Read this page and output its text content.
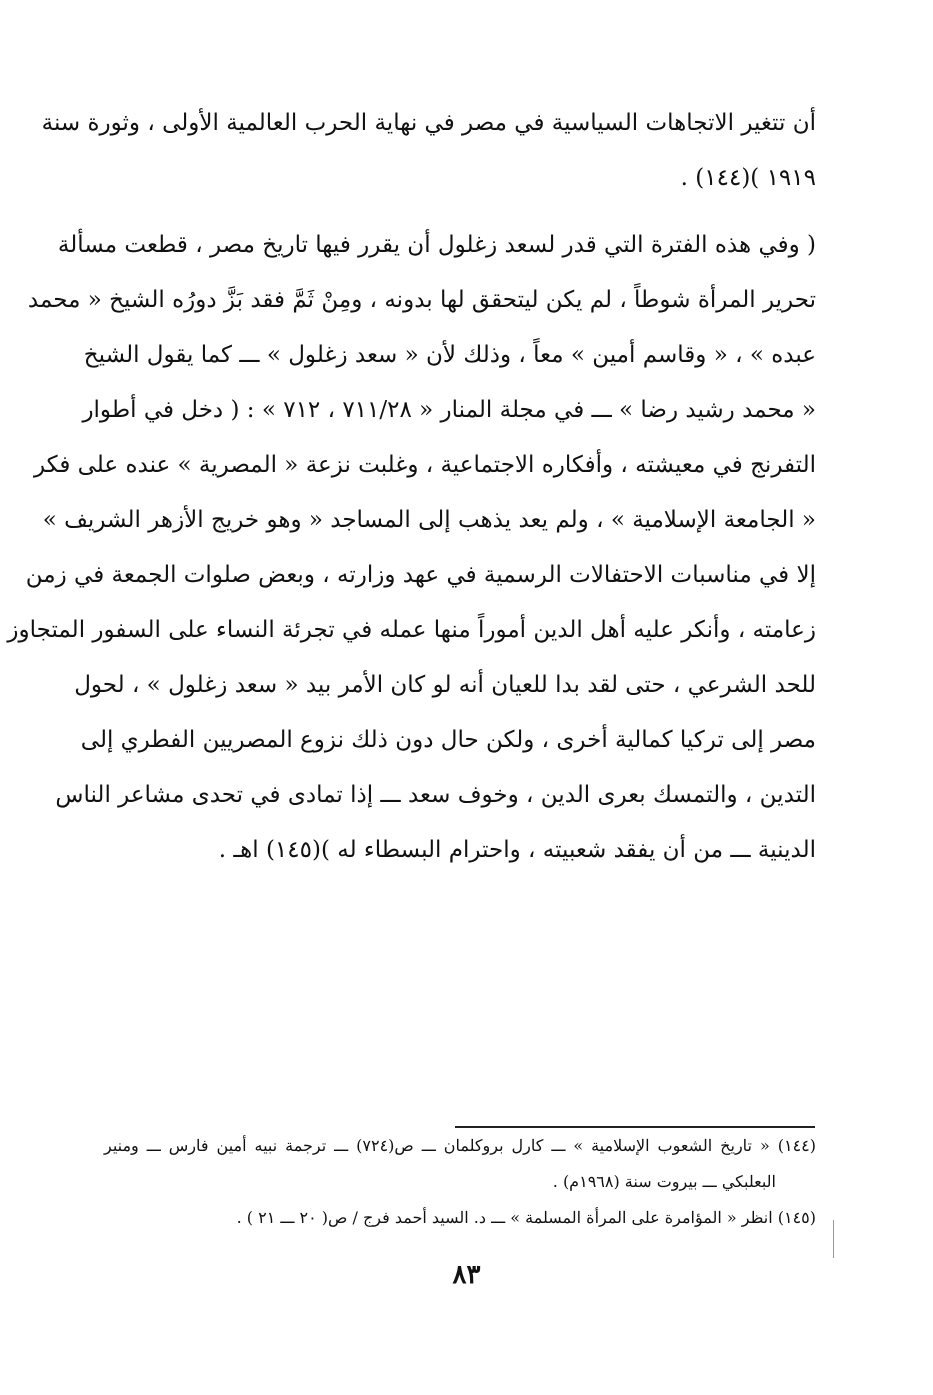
أن تتغير الاتجاهات السياسية في مصر في نهاية الحرب العالمية الأولى ، وثورة سنة
١٩١٩ )(١٤٤) .
( وفي هذه الفترة التي قدر لسعد زغلول أن يقرر فيها تاريخ مصر ، قطعت مسألة
تحرير المرأة شوطاً ، لم يكن ليتحقق لها بدونه ، ومِنْ ثَمَّ فقد بَزَّ دورُه الشيخ « محمد
عبده » ، « وقاسم أمين » معاً ، وذلك لأن « سعد زغلول » ـــ كما يقول الشيخ
« محمد رشيد رضا » ـــ في مجلة المنار « ٧١١/٢٨ ، ٧١٢ » : ( دخل في أطوار
التفرنج في معيشته ، وأفكاره الاجتماعية ، وغلبت نزعة « المصرية » عنده على فكر
« الجامعة الإسلامية » ، ولم يعد يذهب إلى المساجد « وهو خريج الأزهر الشريف »
إلا في مناسبات الاحتفالات الرسمية في عهد وزارته ، وبعض صلوات الجمعة في زمن
زعامته ، وأنكر عليه أهل الدين أموراً منها عمله في تجرئة النساء على السفور المتجاوز
للحد الشرعي ، حتى لقد بدا للعيان أنه لو كان الأمر بيد « سعد زغلول » ، لحول
مصر إلى تركيا كمالية أخرى ، ولكن حال دون ذلك نزوع المصريين الفطري إلى
التدين ، والتمسك بعرى الدين ، وخوف سعد ـــ إذا تمادى في تحدى مشاعر الناس
الدينية ـــ من أن يفقد شعبيته ، واحترام البسطاء له )(١٤٥) اهـ .
(١٤٤) « تاريخ الشعوب الإسلامية » ـــ كارل بروكلمان ـــ ص(٧٢٤) ـــ ترجمة نبيه أمين فارس ـــ ومنير
البعلبكي ـــ بيروت سنة (١٩٦٨م) .
(١٤٥) انظر « المؤامرة على المرأة المسلمة » ـــ د. السيد أحمد فرج / ص( ٢٠ ـــ ٢١ ) .
٨٣
